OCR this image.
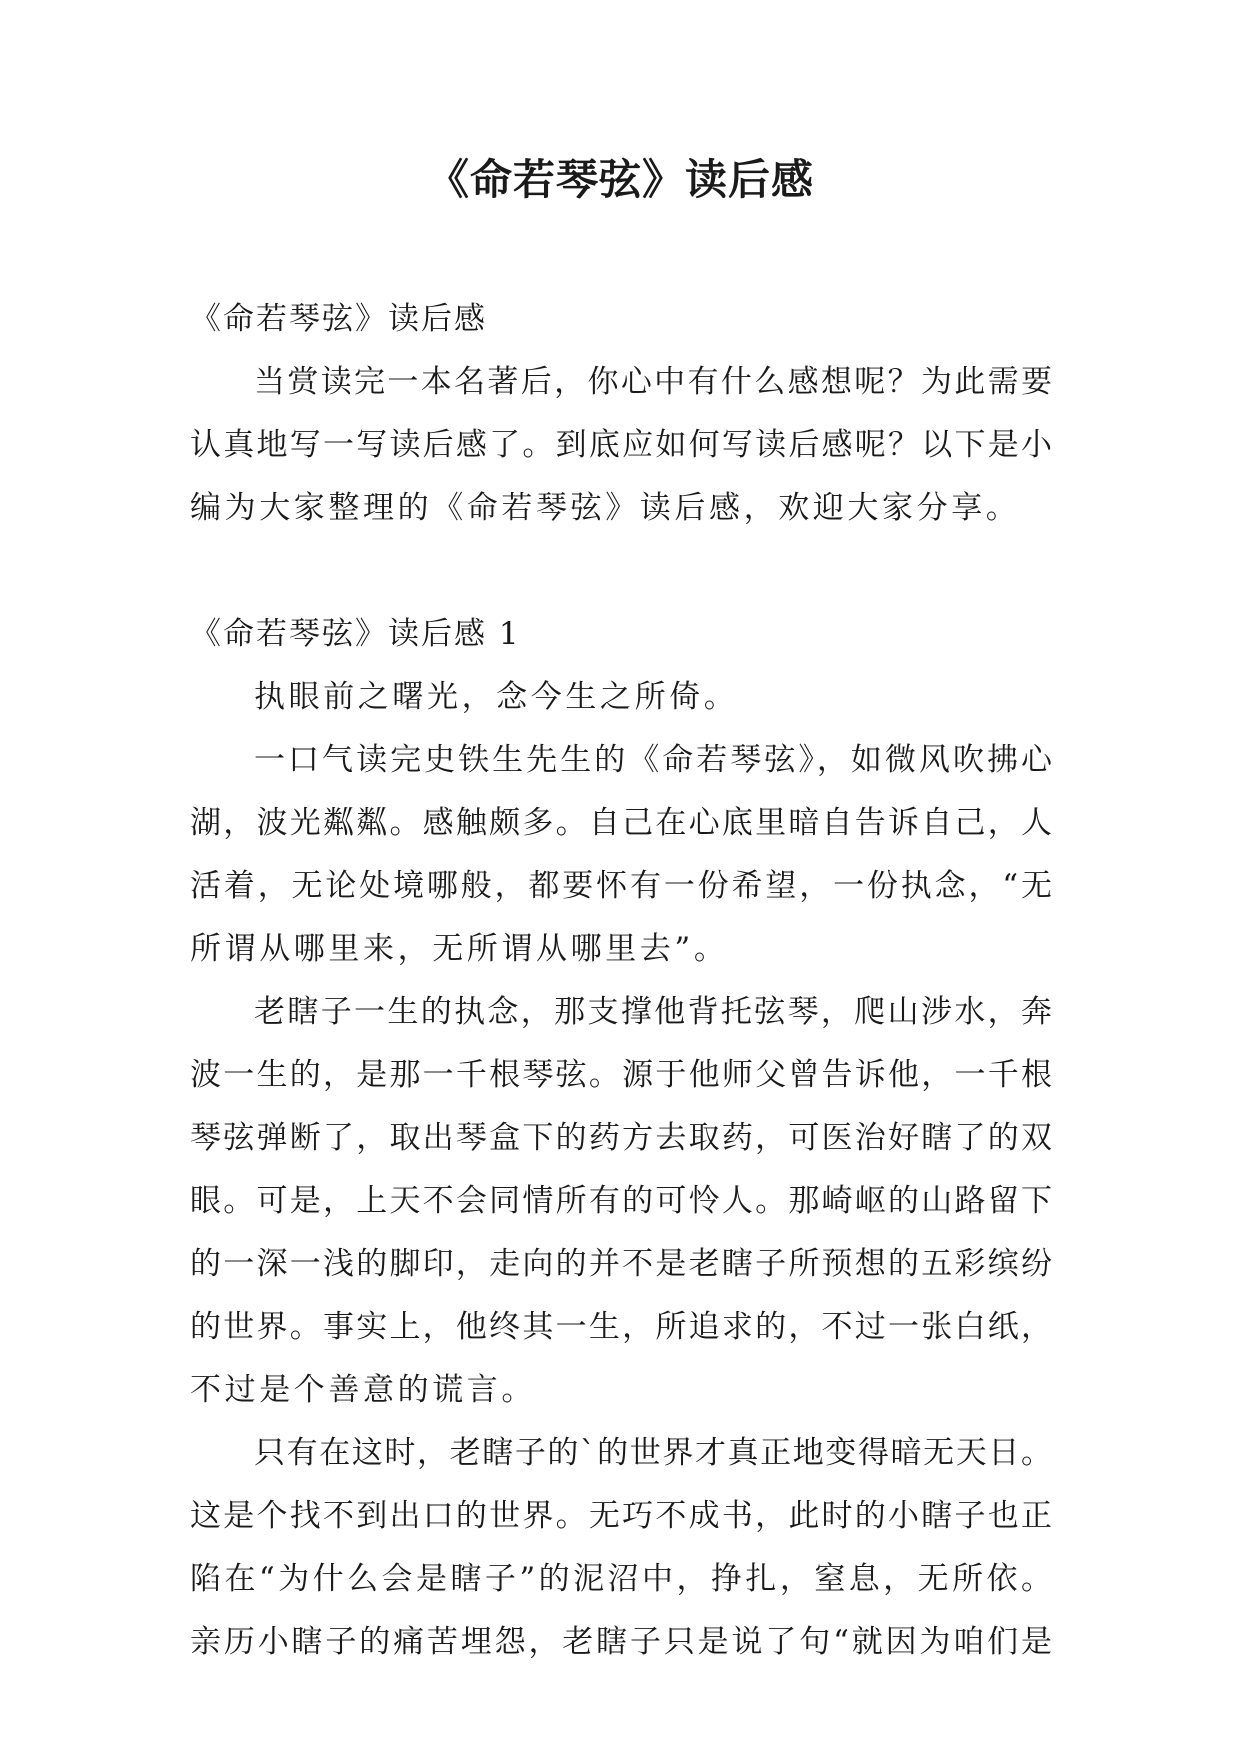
《命若琴弦》读后感
《命若琴弦》读后感
当赏读完一本名著后，你心中有什么感想呢？为此需要
认真地写一写读后感了。到底应如何写读后感呢？以下是小
编为大家整理的《命若琴弦》读后感，欢迎大家分享。
《命若琴弦》读后感 1
执眼前之曙光，念今生之所倚。
一口气读完史铁生先生的《命若琴弦》，如微风吹拂心
湖，波光粼粼。感触颇多。自己在心底里暗自告诉自己，人
活着，无论处境哪般，都要怀有一份希望，一份执念，“无
所谓从哪里来，无所谓从哪里去”。
老瞎子一生的执念，那支撑他背托弦琴，爬山涉水，奔
波一生的，是那一千根琴弦。源于他师父曾告诉他，一千根
琴弦弹断了，取出琴盒下的药方去取药，可医治好瞎了的双
眼。可是，上天不会同情所有的可怜人。那崎岖的山路留下
的一深一浅的脚印，走向的并不是老瞎子所预想的五彩缤纷
的世界。事实上，他终其一生，所追求的，不过一张白纸，
不过是个善意的谎言。
只有在这时，老瞎子的`的世界才真正地变得暗无天日。
这是个找不到出口的世界。无巧不成书，此时的小瞎子也正
陷在“为什么会是瞎子”的泥沼中，挣扎，窒息，无所依。
亲历小瞎子的痛苦埋怨，老瞎子只是说了句“就因为咱们是
